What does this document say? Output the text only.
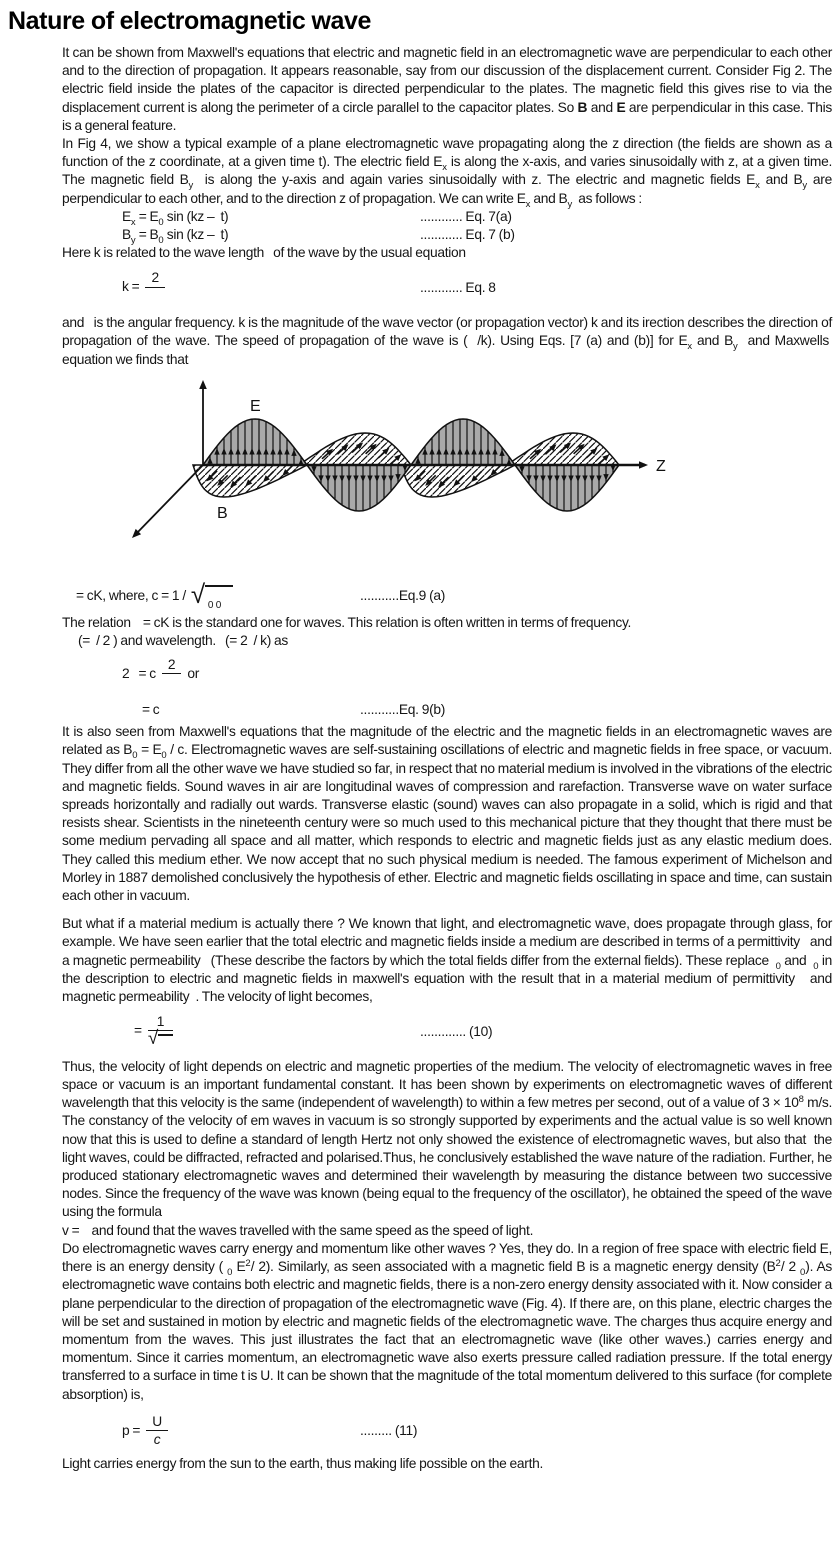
Nature of electromagnetic wave

It can be shown from Maxwell's equations that electric and magnetic field in an electromagnetic wave are perpendicular to each other and to the direction of propagation. It appears reasonable, say from our discussion of the displacement current. Consider Fig 2. The electric field inside the plates of the capacitor is directed perpendicular to the plates. The magnetic field this gives rise to via the displacement current is along the perimeter of a circle parallel to the capacitor plates. So B and E are perpendicular in this case. This is a general feature.

In Fig 4, we show a typical example of a plane electromagnetic wave propagating along the z direction (the fields are shown as a function of the z coordinate, at a given time t). The electric field $E_x$ is along the x-axis, and varies sinusoidally with z, at a given time. The magnetic field $B_y$  is along the y-axis and again varies sinusoidally with z. The electric and magnetic fields $E_x$ and $B_y$ are perpendicular to each other, and to the direction z of propagation. We can write $E_x$ and $B_y$  as follows :

$E_x = E_0$ sin (kz –  t)	............ Eq. 7(a)
$B_y = B_0$ sin (kz –  t)	............ Eq. 7 (b)

Here k is related to the wave length   of the wave by the usual equation

k =
2

............ Eq. 8

and   is the angular frequency. k is the magnitude of the wave vector (or propagation vector) k and its irection describes the direction of propagation of the wave. The speed of propagation of the wave is (  /k). Using Eqs. [7 (a) and (b)] for $E_x$ and $B_y$  and Maxwells  equation we finds that

E
B
Z
= cK, where, c = 1 / √ 0 0
...........Eq.9 (a)

The relation    = cK is the standard one for waves. This relation is often written in terms of frequency.

(=  / 2 ) and wavelength.   (= 2  / k) as

2 = c
2

or
= c	...........Eq. 9(b)

It is also seen from Maxwell's equations that the magnitude of the electric and the magnetic fields in an electromagnetic waves are related as $B_0 = E_0 / c$. Electromagnetic waves are self-sustaining oscillations of electric and magnetic fields in free space, or vacuum. They differ from all the other wave we have studied so far, in respect that no material medium is involved in the vibrations of the electric and magnetic fields. Sound waves in air are longitudinal waves of compression and rarefaction. Transverse wave on water surface spreads horizontally and radially out wards. Transverse elastic (sound) waves can also propagate in a solid, which is rigid and that resists shear. Scientists in the nineteenth century were so much used to this mechanical picture that they thought that there must be some medium pervading all space and all matter, which responds to electric and magnetic fields just as any elastic medium does. They called this medium ether. We now accept that no such physical medium is needed. The famous experiment of Michelson and Morley in 1887 demolished conclusively the hypothesis of ether. Electric and magnetic fields oscillating in space and time, can sustain each other in vacuum.

But what if a material medium is actually there ? We known that light, and electromagnetic wave, does propagate through glass, for example. We have seen earlier that the total electric and magnetic fields inside a medium are described in terms of a permittivity   and a magnetic permeability   (These describe the factors by which the total fields differ from the external fields). These replace  $_0$ and  $_0$ in the description to electric and magnetic fields in maxwell's equation with the result that in a material medium of permittivity   and magnetic permeability  . The velocity of light becomes,

= $\frac{1}{√}$	............. (10)

Thus, the velocity of light depends on electric and magnetic properties of the medium. The velocity of electromagnetic waves in free space or vacuum is an important fundamental constant. It has been shown by experiments on electromagnetic waves of different wavelength that this velocity is the same (independent of wavelength) to within a few metres per second, out of a value of $3 \times 10^8$ m/s. The constancy of the velocity of em waves in vacuum is so strongly supported by experiments and the actual value is so well known now that this is used to define a standard of length Hertz not only showed the existence of electromagnetic waves, but also that  the light waves, could be diffracted, refracted and polarised.Thus, he conclusively established the wave nature of the radiation. Further, he produced stationary electromagnetic waves and determined their wavelength by measuring the distance between two successive nodes. Since the frequency of the wave was known (being equal to the frequency of the oscillator), he obtained the speed of the wave using the formula

v =    and found that the waves travelled with the same speed as the speed of light.

Do electromagnetic waves carry energy and momentum like other waves ? Yes, they do. In a region of free space with electric field E, there is an energy density ( $_0$ $E^2/$ 2). Similarly, as seen associated with a magnetic field B is a magnetic energy density ($B^2/$ 2 $_0$). As electromagnetic wave contains both electric and magnetic fields, there is a non-zero energy density associated with it. Now consider a plane perpendicular to the direction of propagation of the electromagnetic wave (Fig. 4). If there are, on this plane, electric charges the will be set and sustained in motion by electric and magnetic fields of the electromagnetic wave. The charges thus acquire energy and momentum from the waves. This just illustrates the fact that an electromagnetic wave (like other waves.) carries energy and momentum. Since it carries momentum, an electromagnetic wave also exerts pressure called radiation pressure. If the total energy transferred to a surface in time t is U. It can be shown that the magnitude of the total momentum delivered to this surface (for complete absorption) is,

$p = \frac{U}{c}$	......... (11)

Light carries energy from the sun to the earth, thus making life possible on the earth.
